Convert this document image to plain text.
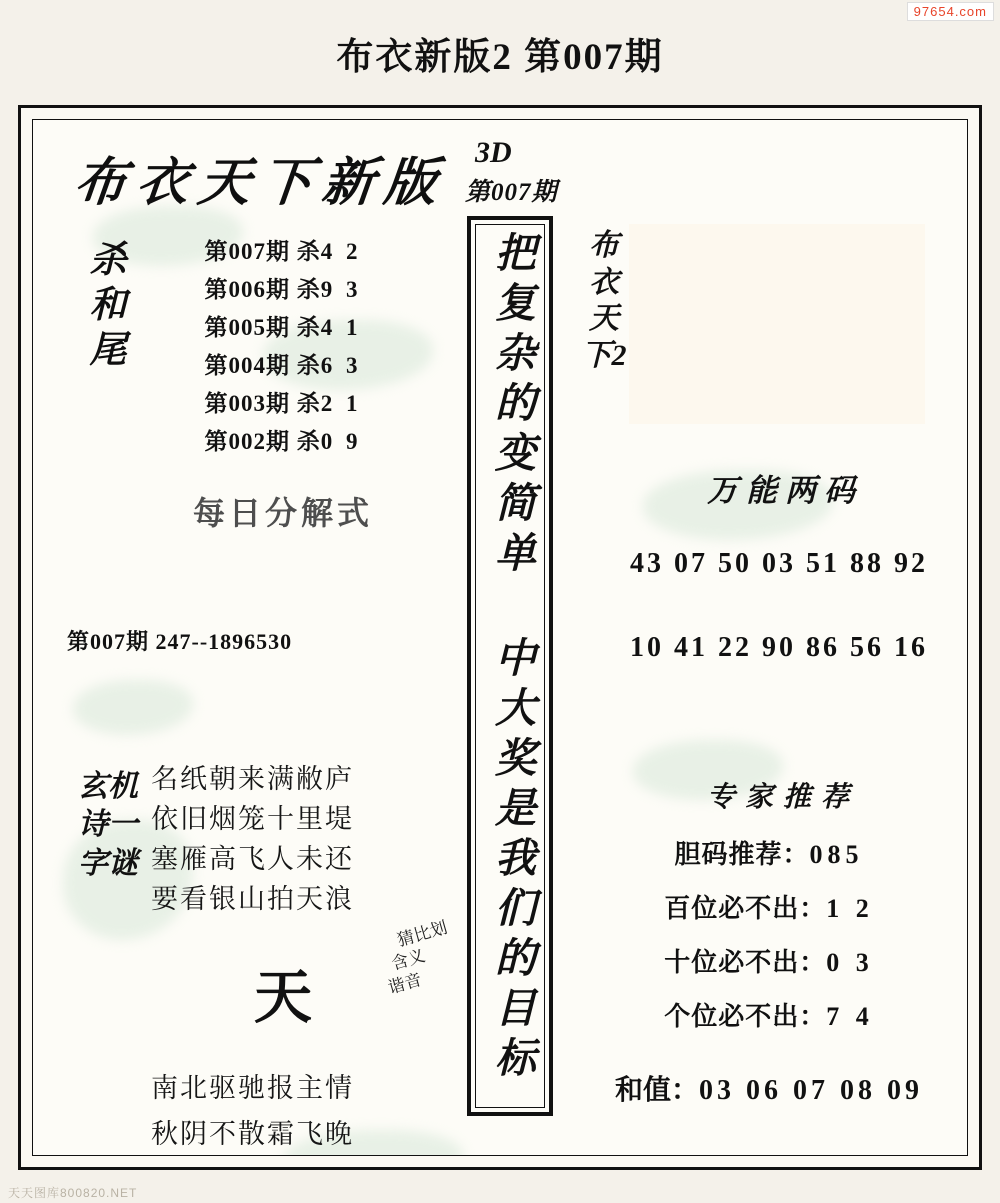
97654.com
布衣新版2 第007期
布衣天下新版
3D
第007期
杀和尾
第007期 杀4 2
第006期 杀9 3
第005期 杀4 1
第004期 杀6 3
第003期 杀2 1
第002期 杀0 9
每日分解式
第007期 247--1896530
玄机诗一字谜
名纸朝来满敝庐
依旧烟笼十里堤
塞雁高飞人未还
要看银山拍天浪
天
猜比划
含义
谐音
南北驱驰报主情
秋阴不散霜飞晚
把复杂的变简单 中大奖是我们的目标	布衣天下2
万能两码
43 07 50 03 51 88 92
10 41 22 90 86 56 16
专家推荐
胆码推荐：085
百位必不出：1 2
十位必不出：0 3
个位必不出：7 4
和值：03 06 07 08 09
天天图库800820.NET
